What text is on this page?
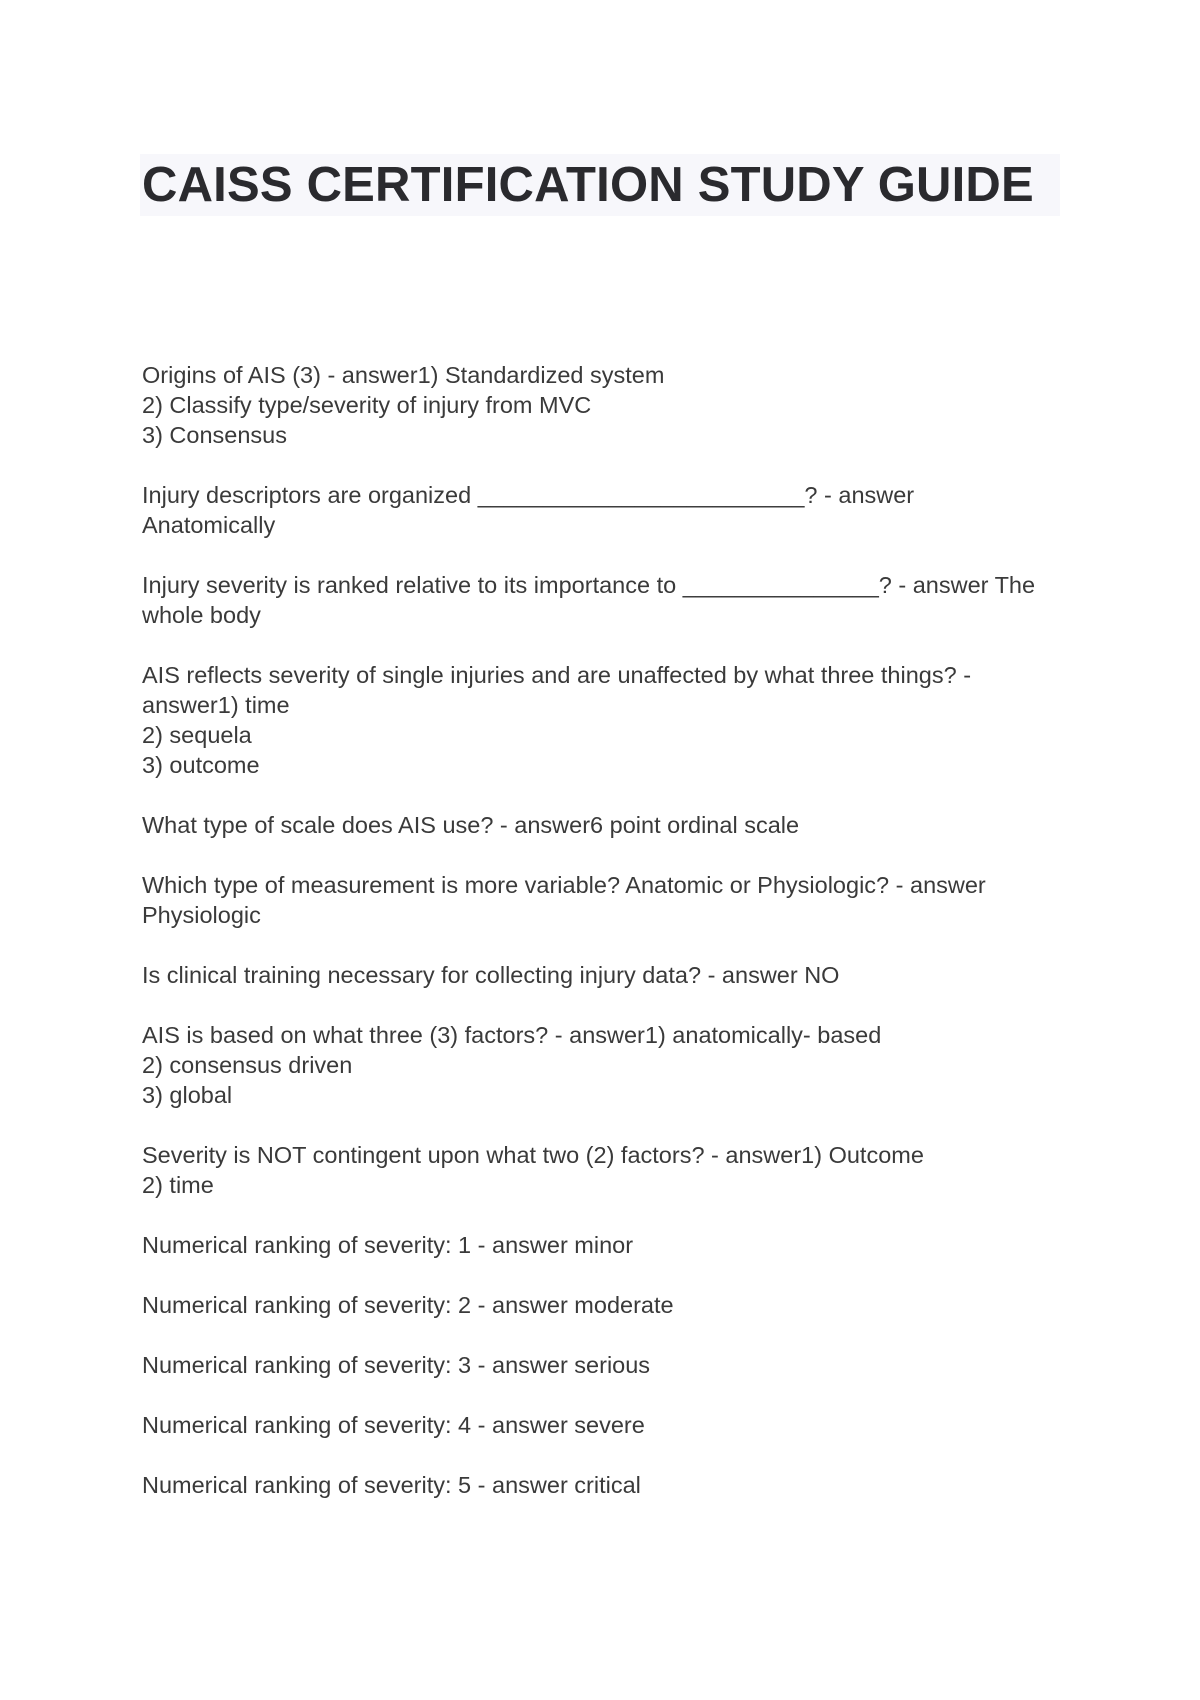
CAISS CERTIFICATION STUDY GUIDE

Origins of AIS (3) - answer1) Standardized system
2) Classify type/severity of injury from MVC
3) Consensus

Injury descriptors are organized _________________________? - answer
Anatomically

Injury severity is ranked relative to its importance to _______________? - answer The
whole body

AIS reflects severity of single injuries and are unaffected by what three things? -
answer1) time
2) sequela
3) outcome

What type of scale does AIS use? - answer6 point ordinal scale

Which type of measurement is more variable? Anatomic or Physiologic? - answer
Physiologic

Is clinical training necessary for collecting injury data? - answer NO

AIS is based on what three (3) factors? - answer1) anatomically- based
2) consensus driven
3) global

Severity is NOT contingent upon what two (2) factors? - answer1) Outcome
2) time

Numerical ranking of severity: 1 - answer minor

Numerical ranking of severity: 2 - answer moderate

Numerical ranking of severity: 3 - answer serious

Numerical ranking of severity: 4 - answer severe

Numerical ranking of severity: 5 - answer critical
